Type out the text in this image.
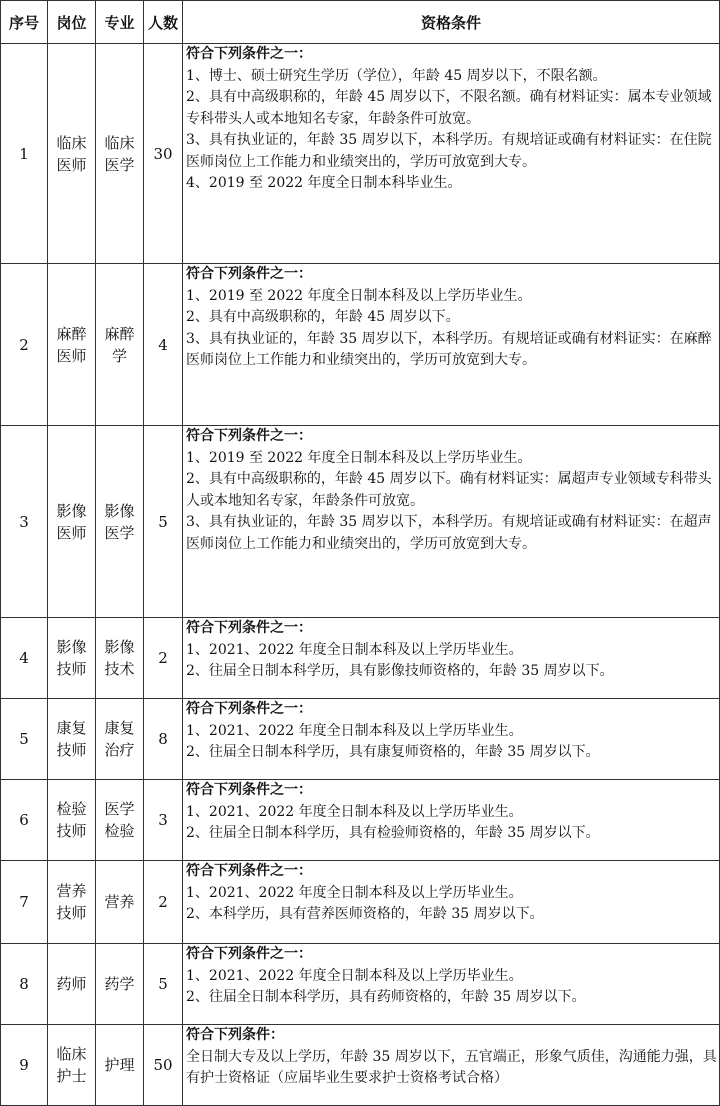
序号	岗位	专业	人数	资格条件
1	临床医师	临床医学	30	符合下列条件之一：
1、博士、硕士研究生学历（学位），年龄 45 周岁以下，不限名额。
2、具有中高级职称的，年龄 45 周岁以下，不限名额。确有材料证实：属本专业领域专科带头人或本地知名专家，年龄条件可放宽。
3、具有执业证的，年龄 35 周岁以下，本科学历。有规培证或确有材料证实：在住院医师岗位上工作能力和业绩突出的，学历可放宽到大专。
4、2019 至 2022 年度全日制本科毕业生。

2	麻醉医师	麻醉学	4	符合下列条件之一：
1、2019 至 2022 年度全日制本科及以上学历毕业生。
2、具有中高级职称的，年龄 45 周岁以下。
3、具有执业证的，年龄 35 周岁以下，本科学历。有规培证或确有材料证实：在麻醉医师岗位上工作能力和业绩突出的，学历可放宽到大专。

3	影像医师	影像医学	5	符合下列条件之一：
1、2019 至 2022 年度全日制本科及以上学历毕业生。
2、具有中高级职称的，年龄 45 周岁以下。确有材料证实：属超声专业领域专科带头人或本地知名专家，年龄条件可放宽。
3、具有执业证的，年龄 35 周岁以下，本科学历。有规培证或确有材料证实：在超声医师岗位上工作能力和业绩突出的，学历可放宽到大专。

4	影像技师	影像技术	2	符合下列条件之一：
1、2021、2022 年度全日制本科及以上学历毕业生。
2、往届全日制本科学历，具有影像技师资格的，年龄 35 周岁以下。

5	康复技师	康复治疗	8	符合下列条件之一：
1、2021、2022 年度全日制本科及以上学历毕业生。
2、往届全日制本科学历，具有康复师资格的，年龄 35 周岁以下。

6	检验技师	医学检验	3	符合下列条件之一：
1、2021、2022 年度全日制本科及以上学历毕业生。
2、往届全日制本科学历，具有检验师资格的，年龄 35 周岁以下。

7	营养技师	营养	2	符合下列条件之一：
1、2021、2022 年度全日制本科及以上学历毕业生。
2、本科学历，具有营养医师资格的，年龄 35 周岁以下。

8	药师	药学	5	符合下列条件之一：
1、2021、2022 年度全日制本科及以上学历毕业生。
2、往届全日制本科学历，具有药师资格的，年龄 35 周岁以下。

9	临床护士	护理	50	符合下列条件：
全日制大专及以上学历，年龄 35 周岁以下，五官端正，形象气质佳，沟通能力强，具有护士资格证（应届毕业生要求护士资格考试合格）
